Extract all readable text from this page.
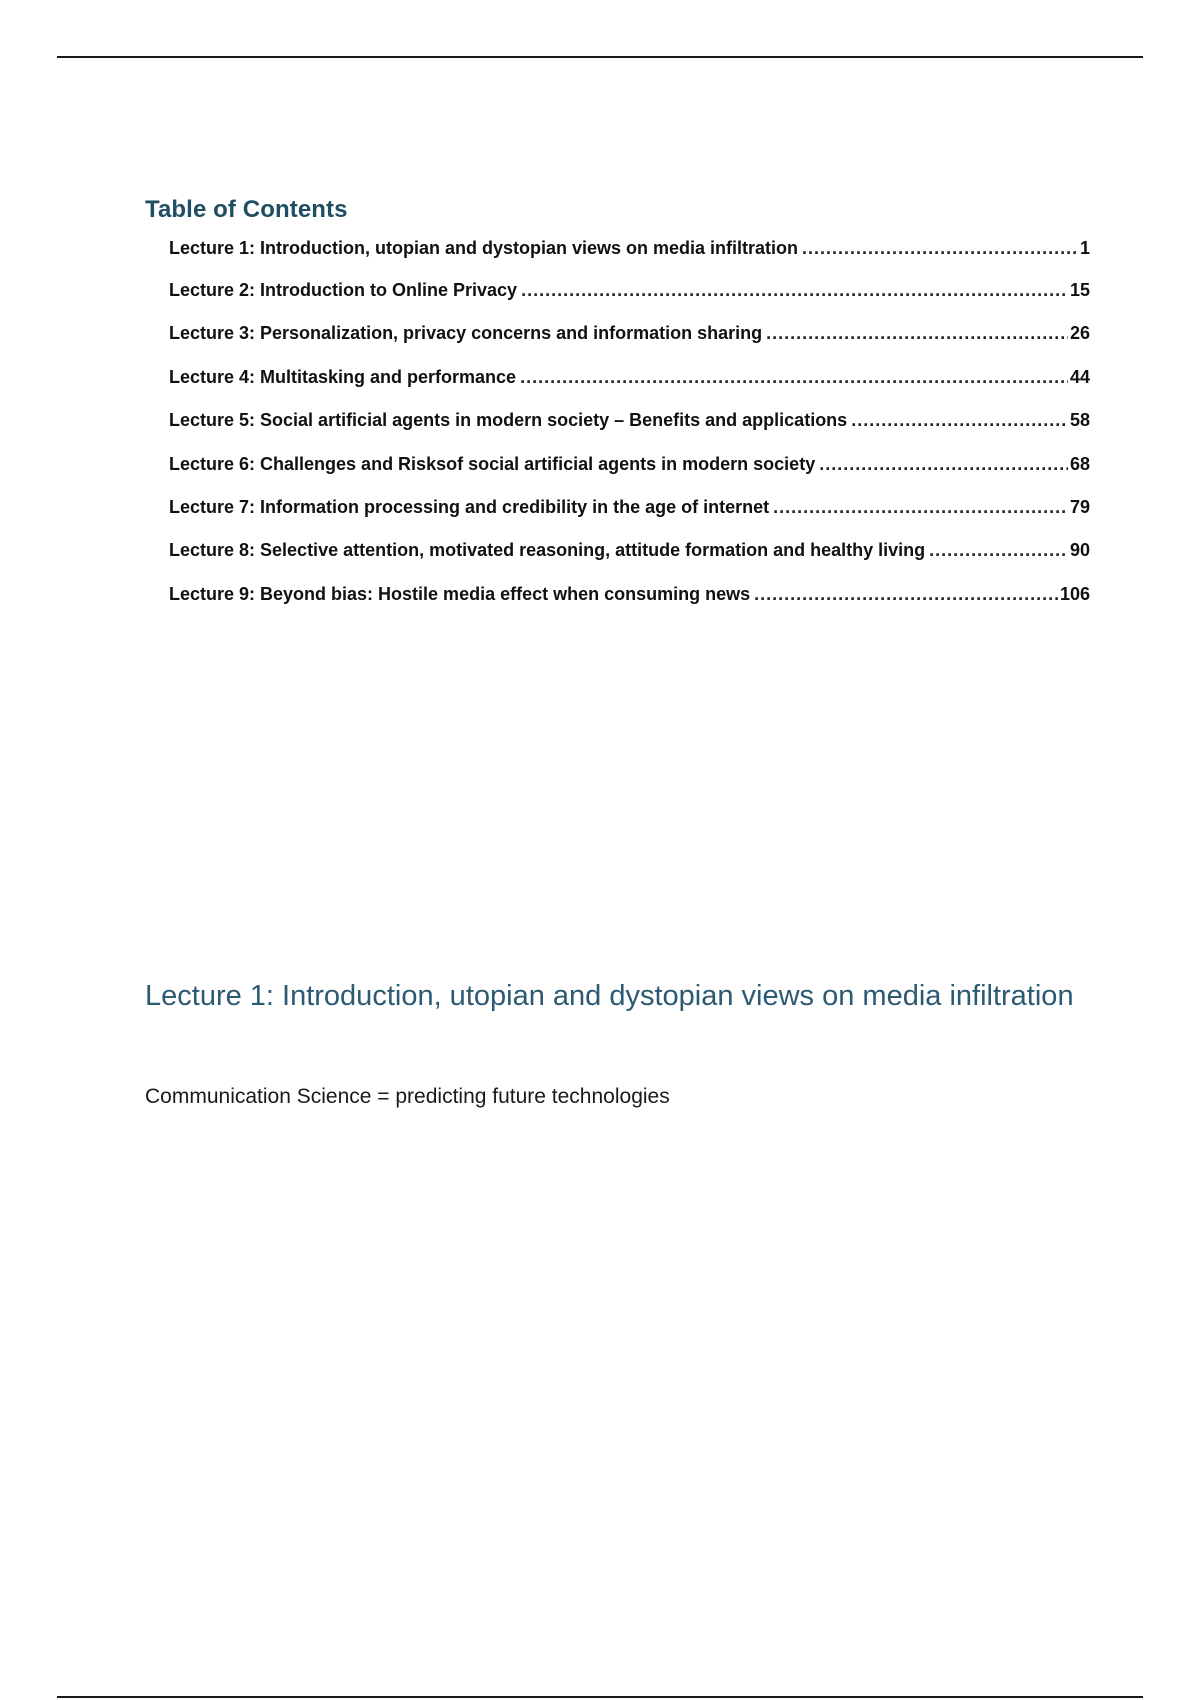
Table of Contents
Lecture 1: Introduction, utopian and dystopian views on media infiltration .....	1
Lecture 2: Introduction to Online Privacy .....	15
Lecture 3: Personalization, privacy concerns and information sharing .....	26
Lecture 4: Multitasking and performance .....	44
Lecture 5: Social artificial agents in modern society – Benefits and applications .....	58
Lecture 6: Challenges and Risksof social artificial agents in modern society .....	68
Lecture 7: Information processing and credibility in the age of internet .....	79
Lecture 8: Selective attention, motivated reasoning, attitude formation and healthy living .....	90
Lecture 9: Beyond bias: Hostile media effect when consuming news .....	106
Lecture 1: Introduction, utopian and dystopian views on media infiltration

Communication Science = predicting future technologies
